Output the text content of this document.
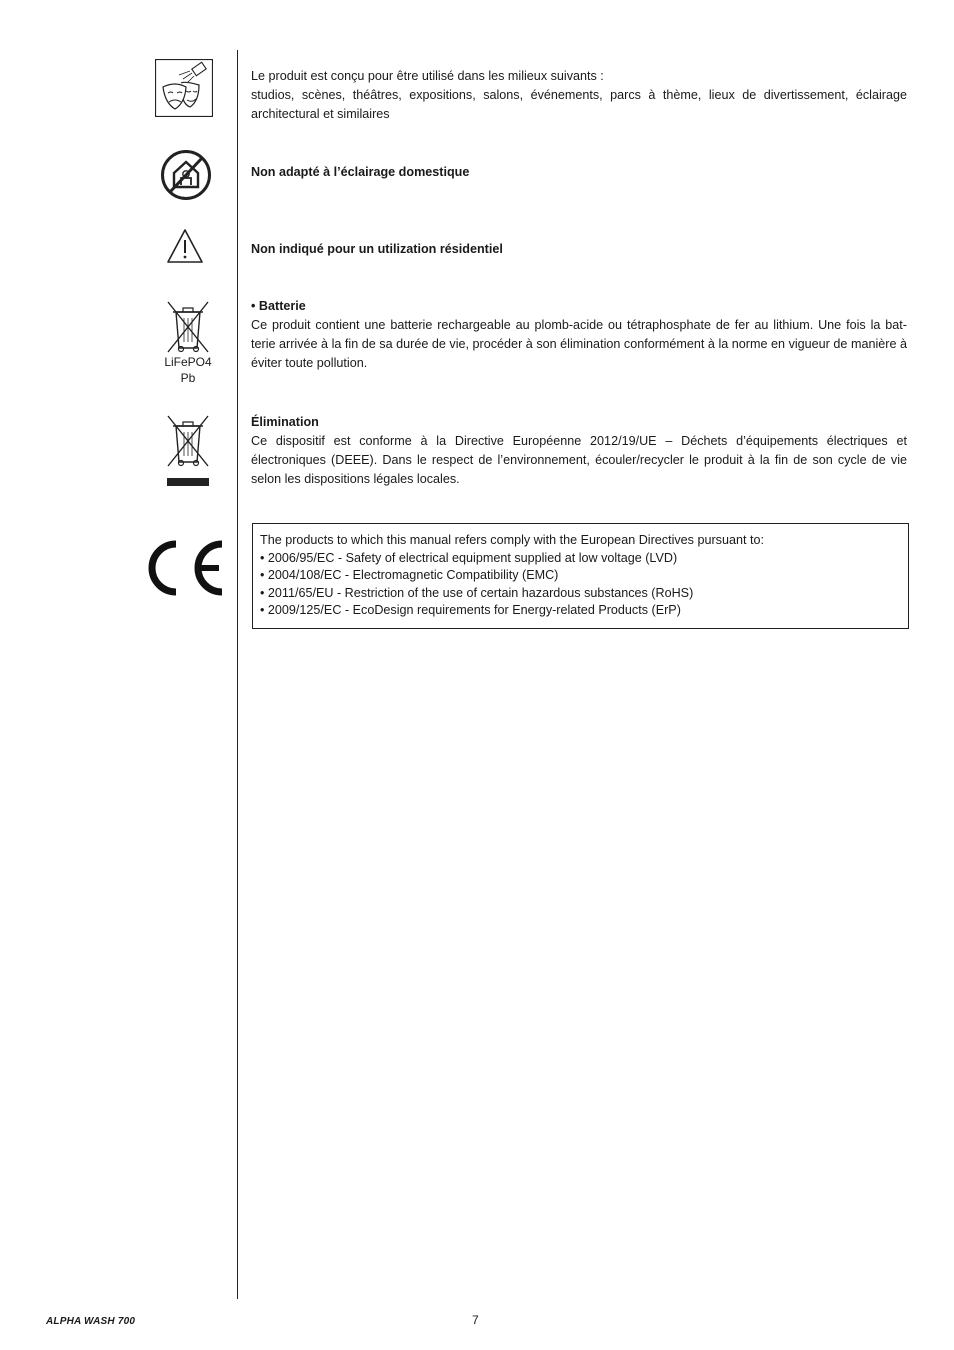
Le produit est conçu pour être utilisé dans les milieux suivants :

studios, scènes, théâtres, expositions, salons, événements, parcs à thème, lieux de divertissement, éclairage architectural et similaires

Non adapté à l’éclairage domestique
Non indiqué pour un utilization résidentiel
LiFePO4
Pb

• Batterie

Ce produit contient une batterie rechargeable au plomb-acide ou tétraphosphate de fer au lithium. Une fois la bat-terie arrivée à la fin de sa durée de vie, procéder à son élimination conformément à la norme en vigueur de manière à éviter toute pollution.

Élimination

Ce dispositif est conforme à la Directive Européenne 2012/19/UE – Déchets d’équipements électriques et électroniques (DEEE). Dans le respect de l’environnement, écouler/recycler le produit à la fin de son cycle de vie selon les dispositions légales locales.

The products to which this manual refers comply with the European Directives pursuant to:

• 2006/95/EC - Safety of electrical equipment supplied at low voltage (LVD)

• 2004/108/EC - Electromagnetic Compatibility (EMC)

• 2011/65/EU - Restriction of the use of certain hazardous substances (RoHS)

• 2009/125/EC - EcoDesign requirements for Energy-related Products (ErP)

ALPHA WASH 700	7
